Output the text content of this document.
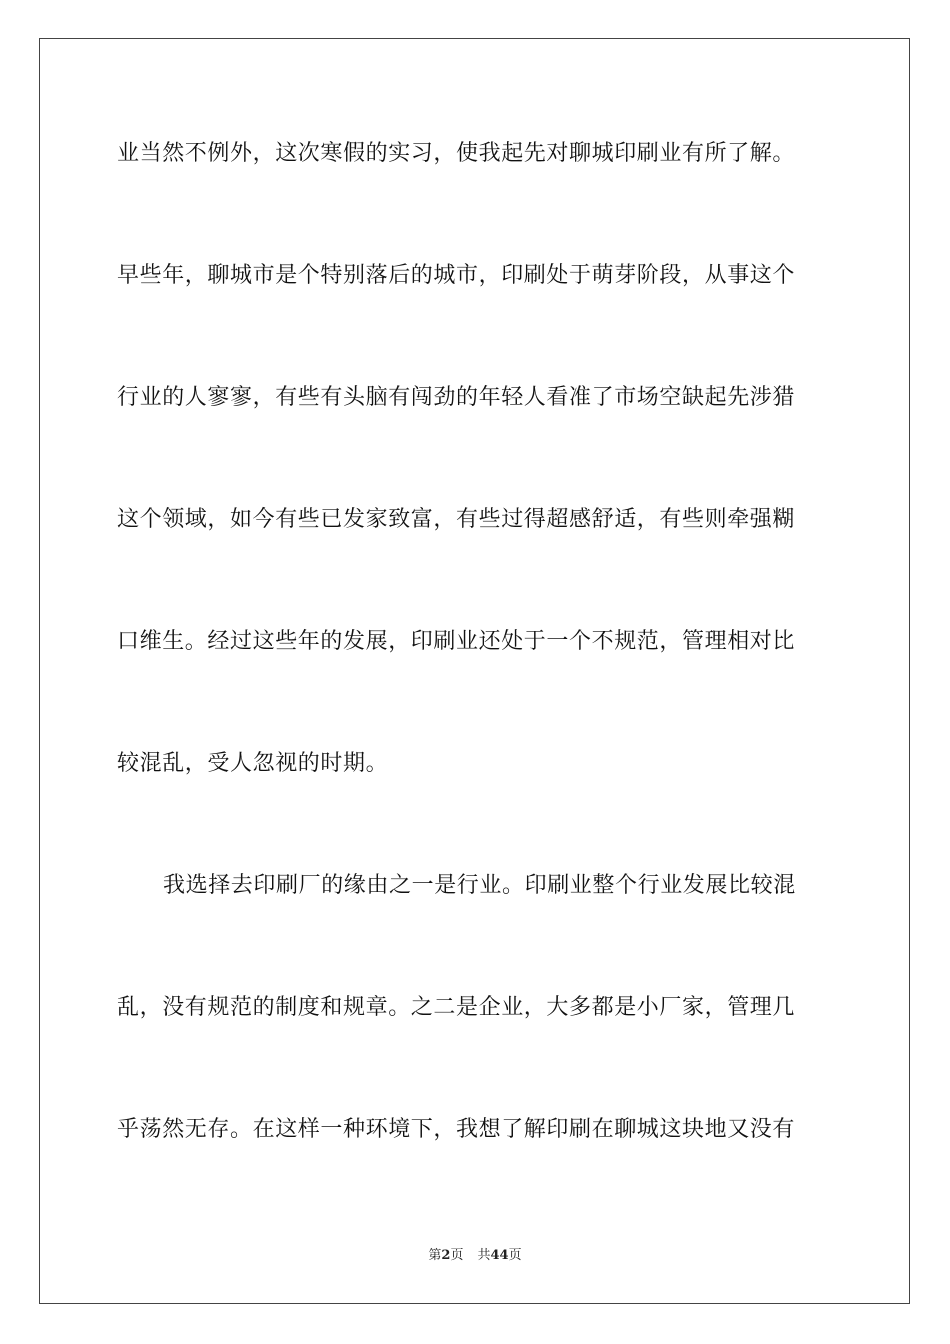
业当然不例外，这次寒假的实习，使我起先对聊城印刷业有所了解。
早些年，聊城市是个特别落后的城市，印刷处于萌芽阶段，从事这个
行业的人寥寥，有些有头脑有闯劲的年轻人看准了市场空缺起先涉猎
这个领域，如今有些已发家致富，有些过得超感舒适，有些则牵强糊
口维生。经过这些年的发展，印刷业还处于一个不规范，管理相对比
较混乱，受人忽视的时期。
我选择去印刷厂的缘由之一是行业。印刷业整个行业发展比较混
乱，没有规范的制度和规章。之二是企业，大多都是小厂家，管理几
乎荡然无存。在这样一种环境下，我想了解印刷在聊城这块地又没有
第2页 共44页
